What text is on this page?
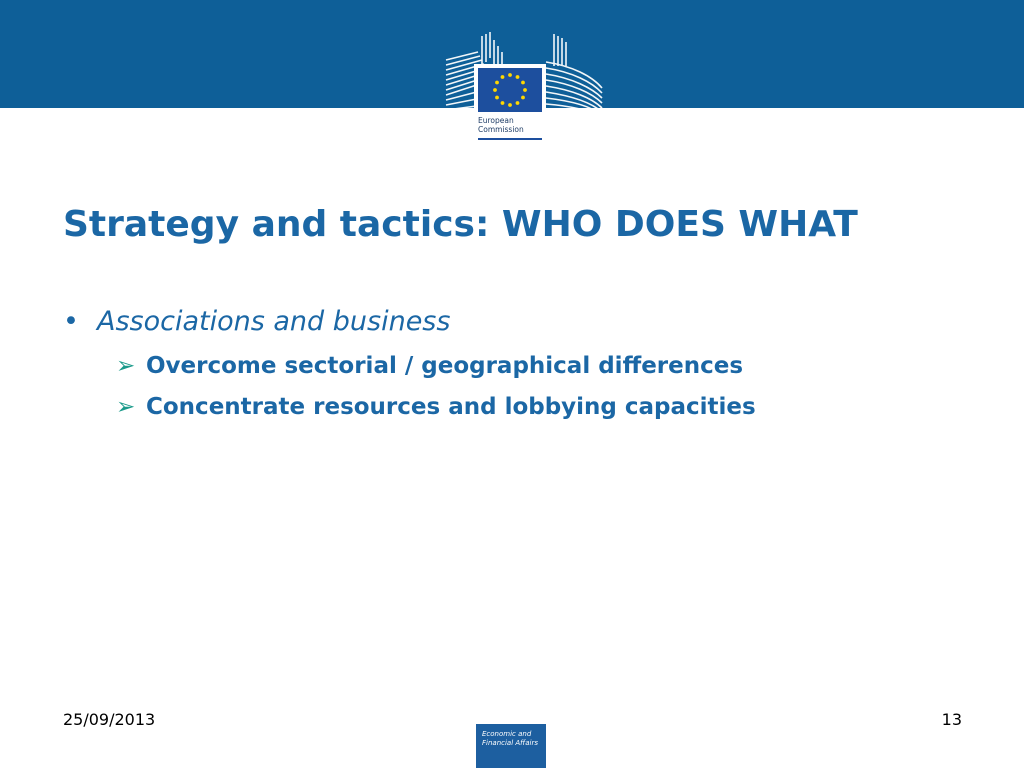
European
Commission
Strategy and tactics: WHO DOES WHAT
• Associations and business
➢ Overcome sectorial / geographical differences
➢ Concentrate resources and lobbying capacities
25/09/2013	13
Economic and
Financial Affairs
